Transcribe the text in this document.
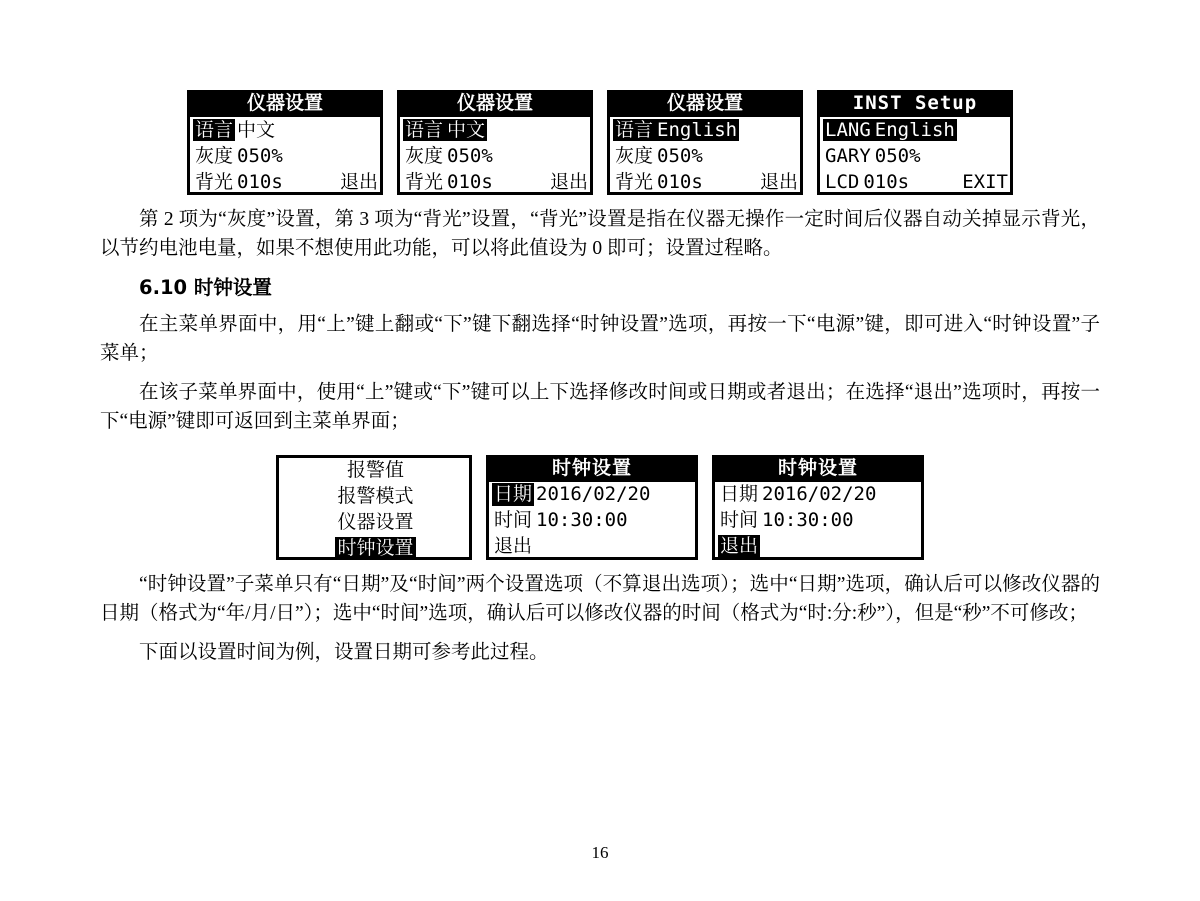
仪器设置
语言 中文
灰度 050%
背光 010s	退出
仪器设置
语言 中文
灰度 050%
背光 010s	退出
仪器设置
语言 English
灰度 050%
背光 010s	退出
INST Setup
LANG English
GARY 050%
LCD 010s	EXIT

第 2 项为“灰度”设置，第 3 项为“背光”设置，“背光”设置是指在仪器无操作一定时间后仪器自动关掉显示背光，以节约电池电量，如果不想使用此功能，可以将此值设为 0 即可；设置过程略。

6.10 时钟设置

在主菜单界面中，用“上”键上翻或“下”键下翻选择“时钟设置”选项，再按一下“电源”键，即可进入“时钟设置”子菜单；

在该子菜单界面中，使用“上”键或“下”键可以上下选择修改时间或日期或者退出；在选择“退出”选项时，再按一下“电源”键即可返回到主菜单界面；

报警值
报警模式
仪器设置
时钟设置
时钟设置
日期 2016/02/20
时间 10:30:00
退出
时钟设置
日期 2016/02/20
时间 10:30:00
退出

“时钟设置”子菜单只有“日期”及“时间”两个设置选项（不算退出选项）；选中“日期”选项，确认后可以修改仪器的日期（格式为“年/月/日”）；选中“时间”选项，确认后可以修改仪器的时间（格式为“时:分:秒”），但是“秒”不可修改；

下面以设置时间为例，设置日期可参考此过程。

16
